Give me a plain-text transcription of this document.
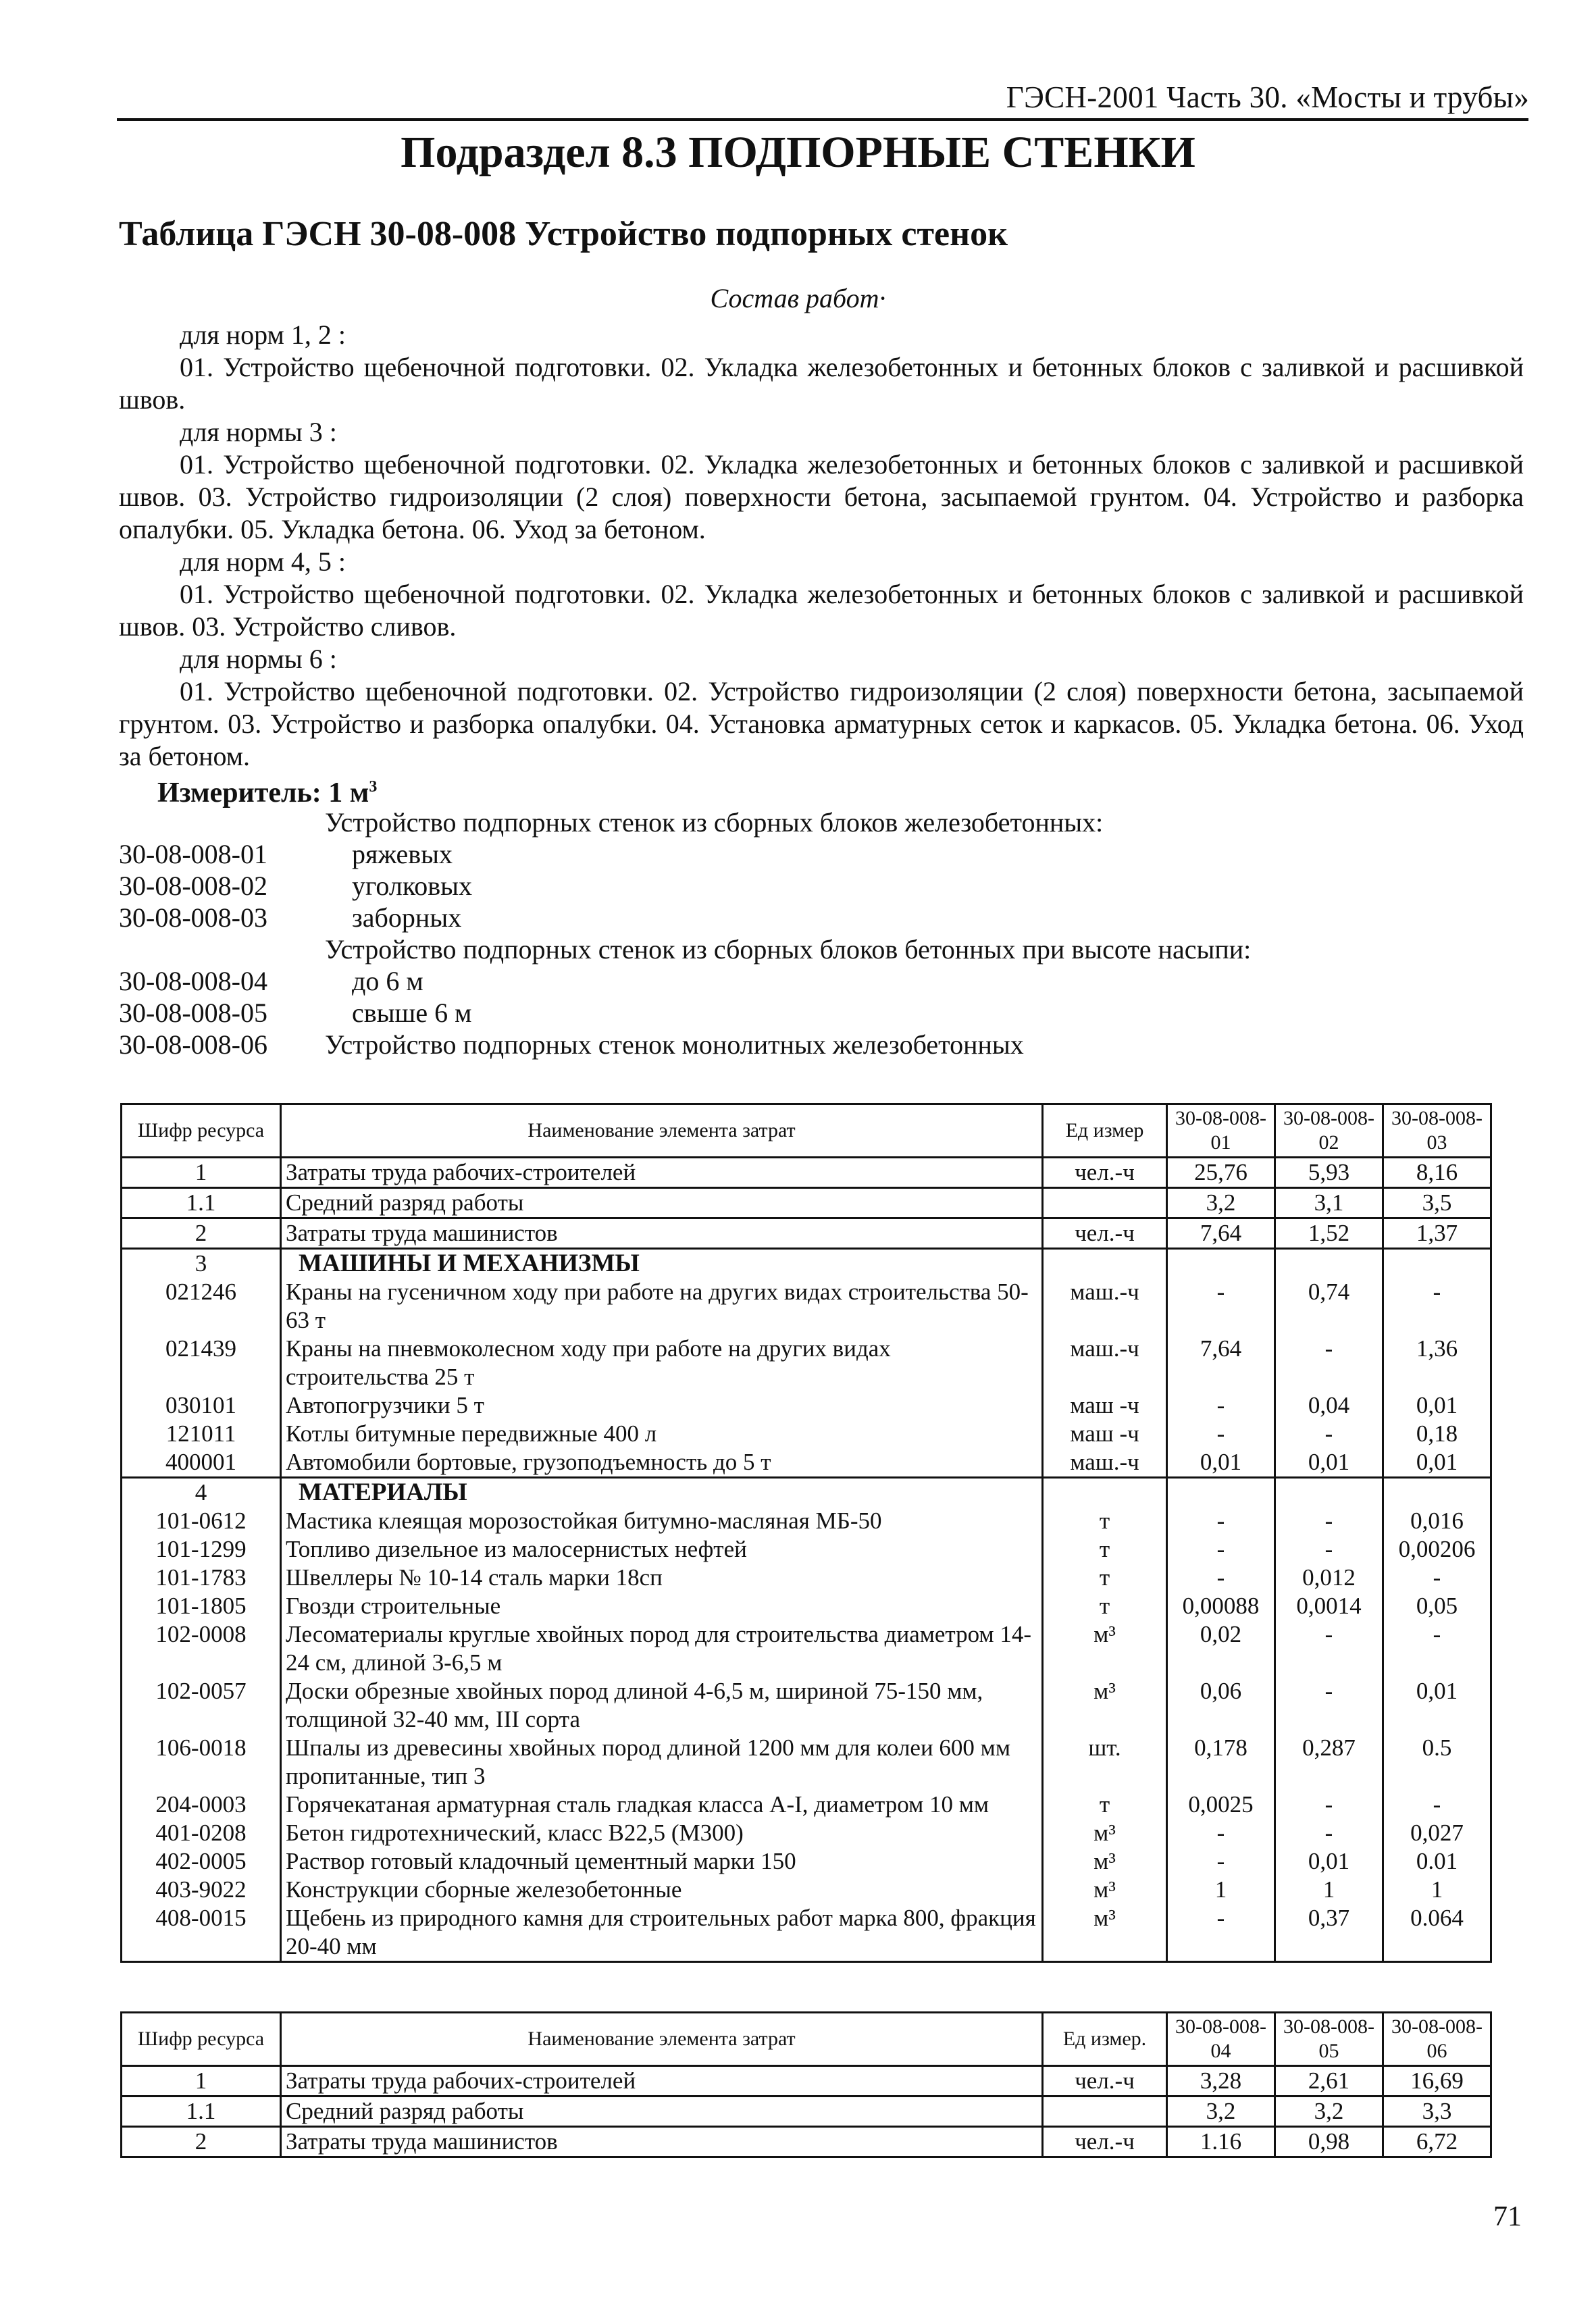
ГЭСН-2001 Часть 30. «Мосты и трубы»
Подраздел 8.3 ПОДПОРНЫЕ СТЕНКИ
Таблица ГЭСН 30-08-008 Устройство подпорных стенок
Состав работ·

для норм 1, 2 :

01. Устройство щебеночной подготовки. 02. Укладка железобетонных и бетонных блоков с заливкой и расшивкой швов.

для нормы 3 :

01. Устройство щебеночной подготовки. 02. Укладка железобетонных и бетонных блоков с заливкой и расшивкой швов. 03. Устройство гидроизоляции (2 слоя) поверхности бетона, засыпаемой грунтом. 04. Устройство и разборка опалубки. 05. Укладка бетона. 06. Уход за бетоном.

для норм 4, 5 :

01. Устройство щебеночной подготовки. 02. Укладка железобетонных и бетонных блоков с заливкой и расшивкой швов. 03. Устройство сливов.

для нормы 6 :

01. Устройство щебеночной подготовки. 02. Устройство гидроизоляции (2 слоя) поверхности бетона, засыпаемой грунтом. 03. Устройство и разборка опалубки. 04. Установка арматурных сеток и каркасов. 05. Укладка бетона. 06. Уход за бетоном.

Измеритель: 1 $м^3$
Устройство подпорных стенок из сборных блоков железобетонных:
30-08-008-01	ряжевых
30-08-008-02	уголковых
30-08-008-03	заборных
Устройство подпорных стенок из сборных блоков бетонных при высоте насыпи:
30-08-008-04	до 6 м
30-08-008-05	свыше 6 м
30-08-008-06	Устройство подпорных стенок монолитных железобетонных
Шифр ресурса	Наименование элемента затрат	Ед измер	30-08-008-01	30-08-008-02	30-08-008-03
1	Затраты труда рабочих-строителей	чел.-ч	25,76	5,93	8,16
1.1	Средний разряд работы		3,2	3,1	3,5
2	Затраты труда машинистов	чел.-ч	7,64	1,52	1,37
3	МАШИНЫ И МЕХАНИЗМЫ				
021246	Краны на гусеничном ходу при работе на других видах строительства 50-63 т	маш.-ч	-	0,74	-
021439	Краны на пневмоколесном ходу при работе на других видах строительства 25 т	маш.-ч	7,64	-	1,36
030101	Автопогрузчики 5 т	маш -ч	-	0,04	0,01
121011	Котлы битумные передвижные 400 л	маш -ч	-	-	0,18
400001	Автомобили бортовые, грузоподъемность до 5 т	маш.-ч	0,01	0,01	0,01
4	МАТЕРИАЛЫ				
101-0612	Мастика клеящая морозостойкая битумно-масляная МБ-50	т	-	-	0,016
101-1299	Топливо дизельное из малосернистых нефтей	т	-	-	0,00206
101-1783	Швеллеры № 10-14 сталь марки 18сп	т	-	0,012	-
101-1805	Гвозди строительные	т	0,00088	0,0014	0,05
102-0008	Лесоматериалы круглые хвойных пород для строительства диаметром 14-24 см, длиной 3-6,5 м	м³	0,02	-	-
102-0057	Доски обрезные хвойных пород длиной 4-6,5 м, шириной 75-150 мм, толщиной 32-40 мм, III сорта	м³	0,06	-	0,01
106-0018	Шпалы из древесины хвойных пород длиной 1200 мм для колеи 600 мм пропитанные, тип 3	шт.	0,178	0,287	0.5
204-0003	Горячекатаная арматурная сталь гладкая класса А-I, диаметром 10 мм	т	0,0025	-	-
401-0208	Бетон гидротехнический, класс В22,5 (М300)	м³	-	-	0,027
402-0005	Раствор готовый кладочный цементный марки 150	м³	-	0,01	0.01
403-9022	Конструкции сборные железобетонные	м³	1	1	1
408-0015	Щебень из природного камня для строительных работ марка 800, фракция 20-40 мм	м³	-	0,37	0.064
Шифр ресурса	Наименование элемента затрат	Ед измер.	30-08-008-04	30-08-008-05	30-08-008-06
1	Затраты труда рабочих-строителей	чел.-ч	3,28	2,61	16,69
1.1	Средний разряд работы		3,2	3,2	3,3
2	Затраты труда машинистов	чел.-ч	1.16	0,98	6,72
71
